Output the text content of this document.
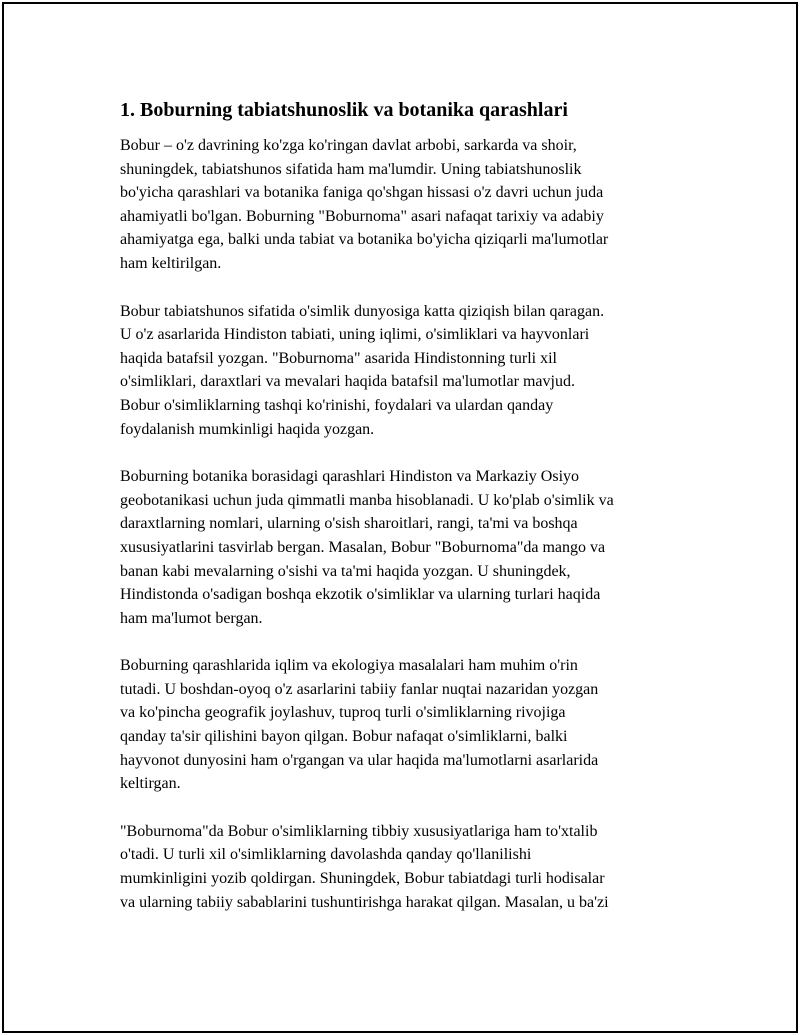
1. Boburning tabiatshunoslik va botanika qarashlari

Bobur – o'z davrining ko'zga ko'ringan davlat arbobi, sarkarda va shoir,
shuningdek, tabiatshunos sifatida ham ma'lumdir. Uning tabiatshunoslik
bo'yicha qarashlari va botanika faniga qo'shgan hissasi o'z davri uchun juda
ahamiyatli bo'lgan. Boburning "Boburnoma" asari nafaqat tarixiy va adabiy
ahamiyatga ega, balki unda tabiat va botanika bo'yicha qiziqarli ma'lumotlar
ham keltirilgan.

Bobur tabiatshunos sifatida o'simlik dunyosiga katta qiziqish bilan qaragan.
U o'z asarlarida Hindiston tabiati, uning iqlimi, o'simliklari va hayvonlari
haqida batafsil yozgan. "Boburnoma" asarida Hindistonning turli xil
o'simliklari, daraxtlari va mevalari haqida batafsil ma'lumotlar mavjud.
Bobur o'simliklarning tashqi ko'rinishi, foydalari va ulardan qanday
foydalanish mumkinligi haqida yozgan.

Boburning botanika borasidagi qarashlari Hindiston va Markaziy Osiyo
geobotanikasi uchun juda qimmatli manba hisoblanadi. U ko'plab o'simlik va
daraxtlarning nomlari, ularning o'sish sharoitlari, rangi, ta'mi va boshqa
xususiyatlarini tasvirlab bergan. Masalan, Bobur "Boburnoma"da mango va
banan kabi mevalarning o'sishi va ta'mi haqida yozgan. U shuningdek,
Hindistonda o'sadigan boshqa ekzotik o'simliklar va ularning turlari haqida
ham ma'lumot bergan.

Boburning qarashlarida iqlim va ekologiya masalalari ham muhim o'rin
tutadi. U boshdan-oyoq o'z asarlarini tabiiy fanlar nuqtai nazaridan yozgan
va ko'pincha geografik joylashuv, tuproq turli o'simliklarning rivojiga
qanday ta'sir qilishini bayon qilgan. Bobur nafaqat o'simliklarni, balki
hayvonot dunyosini ham o'rgangan va ular haqida ma'lumotlarni asarlarida
keltirgan.

"Boburnoma"da Bobur o'simliklarning tibbiy xususiyatlariga ham to'xtalib
o'tadi. U turli xil o'simliklarning davolashda qanday qo'llanilishi
mumkinligini yozib qoldirgan. Shuningdek, Bobur tabiatdagi turli hodisalar
va ularning tabiiy sabablarini tushuntirishga harakat qilgan. Masalan, u ba'zi
